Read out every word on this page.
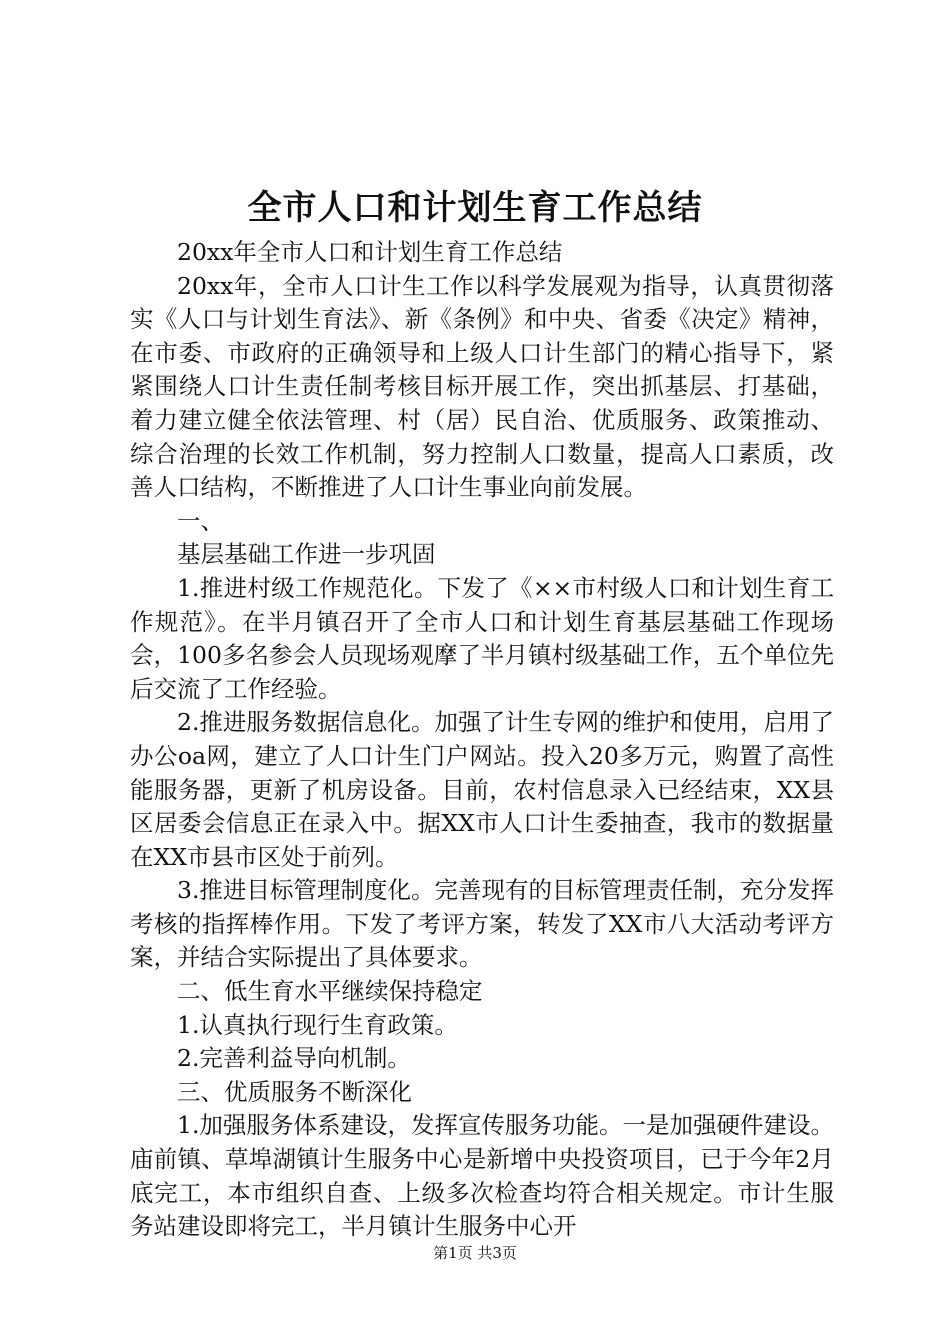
全市人口和计划生育工作总结

20xx年全市人口和计划生育工作总结

20xx年，全市人口计生工作以科学发展观为指导，认真贯彻落实《人口与计划生育法》、新《条例》和中央、省委《决定》精神，在市委、市政府的正确领导和上级人口计生部门的精心指导下，紧紧围绕人口计生责任制考核目标开展工作，突出抓基层、打基础，着力建立健全依法管理、村（居）民自治、优质服务、政策推动、综合治理的长效工作机制，努力控制人口数量，提高人口素质，改善人口结构，不断推进了人口计生事业向前发展。

一、

基层基础工作进一步巩固

1.推进村级工作规范化。下发了《××市村级人口和计划生育工作规范》。在半月镇召开了全市人口和计划生育基层基础工作现场会，100多名参会人员现场观摩了半月镇村级基础工作，五个单位先后交流了工作经验。

2.推进服务数据信息化。加强了计生专网的维护和使用，启用了办公oa网，建立了人口计生门户网站。投入20多万元，购置了高性能服务器，更新了机房设备。目前，农村信息录入已经结束，XX县区居委会信息正在录入中。据XX市人口计生委抽查，我市的数据量在XX市县市区处于前列。

3.推进目标管理制度化。完善现有的目标管理责任制，充分发挥考核的指挥棒作用。下发了考评方案，转发了XX市八大活动考评方案，并结合实际提出了具体要求。

二、低生育水平继续保持稳定

1.认真执行现行生育政策。

2.完善利益导向机制。

三、优质服务不断深化

1.加强服务体系建设，发挥宣传服务功能。一是加强硬件建设。庙前镇、草埠湖镇计生服务中心是新增中央投资项目，已于今年2月底完工，本市组织自查、上级多次检查均符合相关规定。市计生服务站建设即将完工，半月镇计生服务中心开

第1页 共3页
